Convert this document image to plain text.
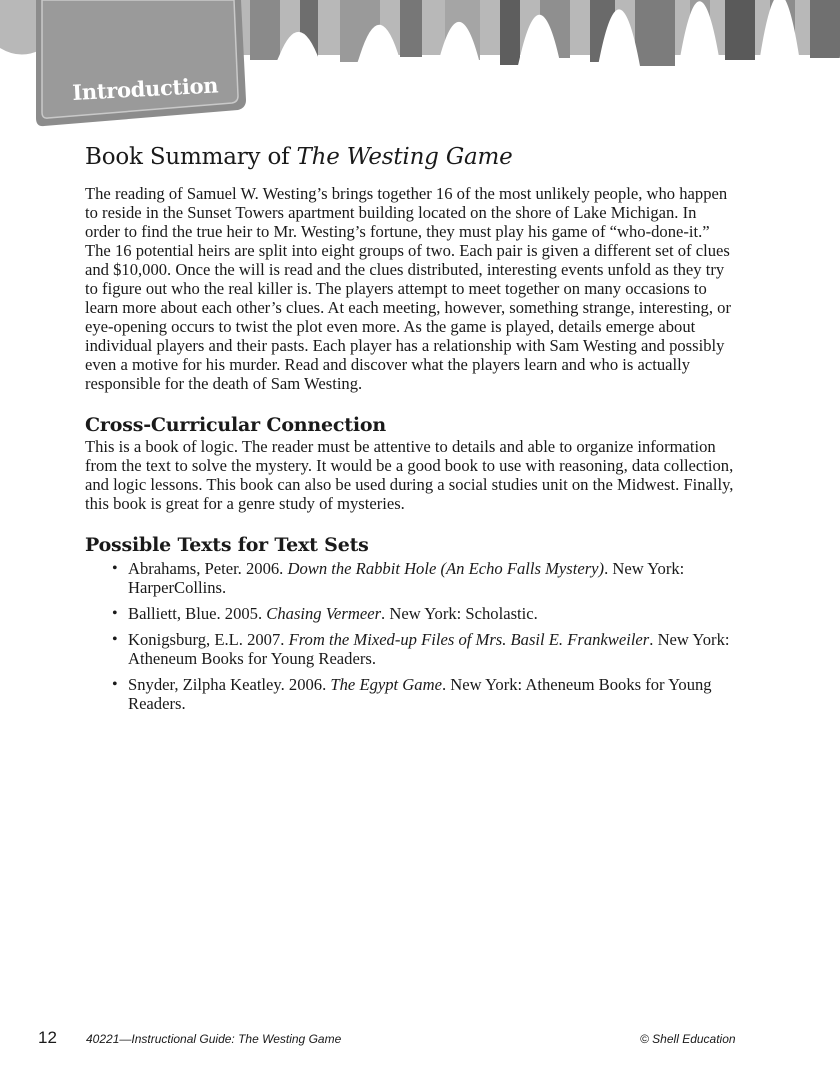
Introduction
Book Summary of The Westing Game

The reading of Samuel W. Westing’s brings together 16 of the most unlikely people, who happen to reside in the Sunset Towers apartment building located on the shore of Lake Michigan. In order to find the true heir to Mr. Westing’s fortune, they must play his game of “who-done-it.” The 16 potential heirs are split into eight groups of two. Each pair is given a different set of clues and $10,000. Once the will is read and the clues distributed, interesting events unfold as they try to figure out who the real killer is. The players attempt to meet together on many occasions to learn more about each other’s clues. At each meeting, however, something strange, interesting, or eye-opening occurs to twist the plot even more. As the game is played, details emerge about individual players and their pasts. Each player has a relationship with Sam Westing and possibly even a motive for his murder. Read and discover what the players learn and who is actually responsible for the death of Sam Westing.

Cross-Curricular Connection

This is a book of logic. The reader must be attentive to details and able to organize information from the text to solve the mystery. It would be a good book to use with reasoning, data collection, and logic lessons. This book can also be used during a social studies unit on the Midwest. Finally, this book is great for a genre study of mysteries.

Possible Texts for Text Sets
• Abrahams, Peter. 2006. Down the Rabbit Hole (An Echo Falls Mystery). New York: HarperCollins.
• Balliett, Blue. 2005. Chasing Vermeer. New York: Scholastic.
• Konigsburg, E.L. 2007. From the Mixed-up Files of Mrs. Basil E. Frankweiler. New York: Atheneum Books for Young Readers.
• Snyder, Zilpha Keatley. 2006. The Egypt Game. New York: Atheneum Books for Young Readers.
12 40221—Instructional Guide: The Westing Game	© Shell Education
